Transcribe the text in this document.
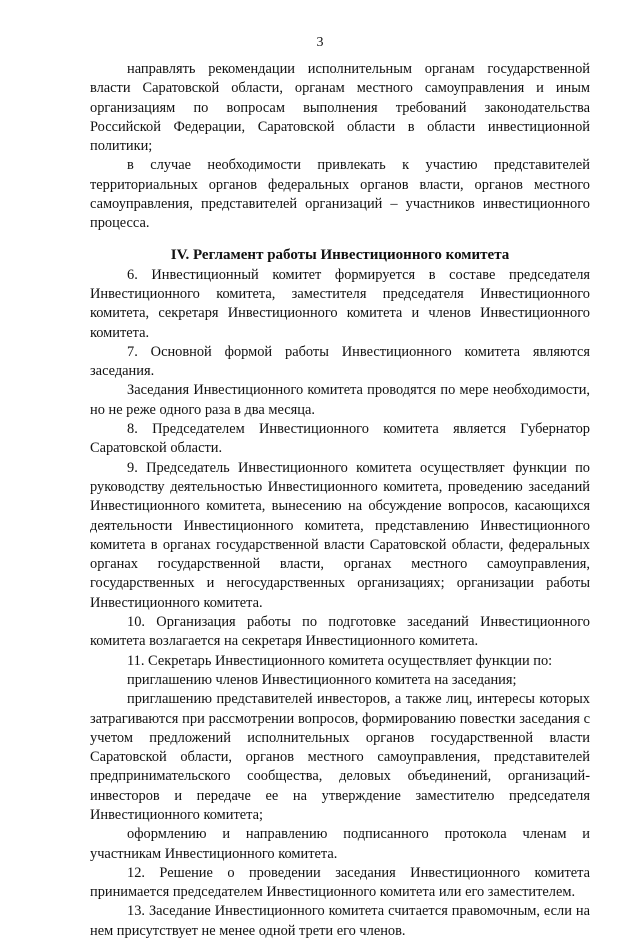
3

направлять рекомендации исполнительным органам государственной власти Саратовской области, органам местного самоуправления и иным организациям по вопросам выполнения требований законодательства Российской Федерации, Саратовской области в области инвестиционной политики;

в случае необходимости привлекать к участию представителей территориальных органов федеральных органов власти, органов местного самоуправления, представителей организаций – участников инвестиционного процесса.

IV. Регламент работы Инвестиционного комитета

6. Инвестиционный комитет формируется в составе председателя Инвестиционного комитета, заместителя председателя Инвестиционного комитета, секретаря Инвестиционного комитета и членов Инвестиционного комитета.

7. Основной формой работы Инвестиционного комитета являются заседания.

Заседания Инвестиционного комитета проводятся по мере необходимости, но не реже одного раза в два месяца.

8. Председателем Инвестиционного комитета является Губернатор Саратовской области.

9. Председатель Инвестиционного комитета осуществляет функции по руководству деятельностью Инвестиционного комитета, проведению заседаний Инвестиционного комитета, вынесению на обсуждение вопросов, касающихся деятельности Инвестиционного комитета, представлению Инвестиционного комитета в органах государственной власти Саратовской области, федеральных органах государственной власти, органах местного самоуправления, государственных и негосударственных организациях; организации работы Инвестиционного комитета.

10. Организация работы по подготовке заседаний Инвестиционного комитета возлагается на секретаря Инвестиционного комитета.

11. Секретарь Инвестиционного комитета осуществляет функции по:

приглашению членов Инвестиционного комитета на заседания;

приглашению представителей инвесторов, а также лиц, интересы которых затрагиваются при рассмотрении вопросов, формированию повестки заседания с учетом предложений исполнительных органов государственной власти Саратовской области, органов местного самоуправления, представителей предпринимательского сообщества, деловых объединений, организаций-инвесторов и передаче ее на утверждение заместителю председателя Инвестиционного комитета;

оформлению и направлению подписанного протокола членам и участникам Инвестиционного комитета.

12. Решение о проведении заседания Инвестиционного комитета принимается председателем Инвестиционного комитета или его заместителем.

13. Заседание Инвестиционного комитета считается правомочным, если на нем присутствует не менее одной трети его членов.
